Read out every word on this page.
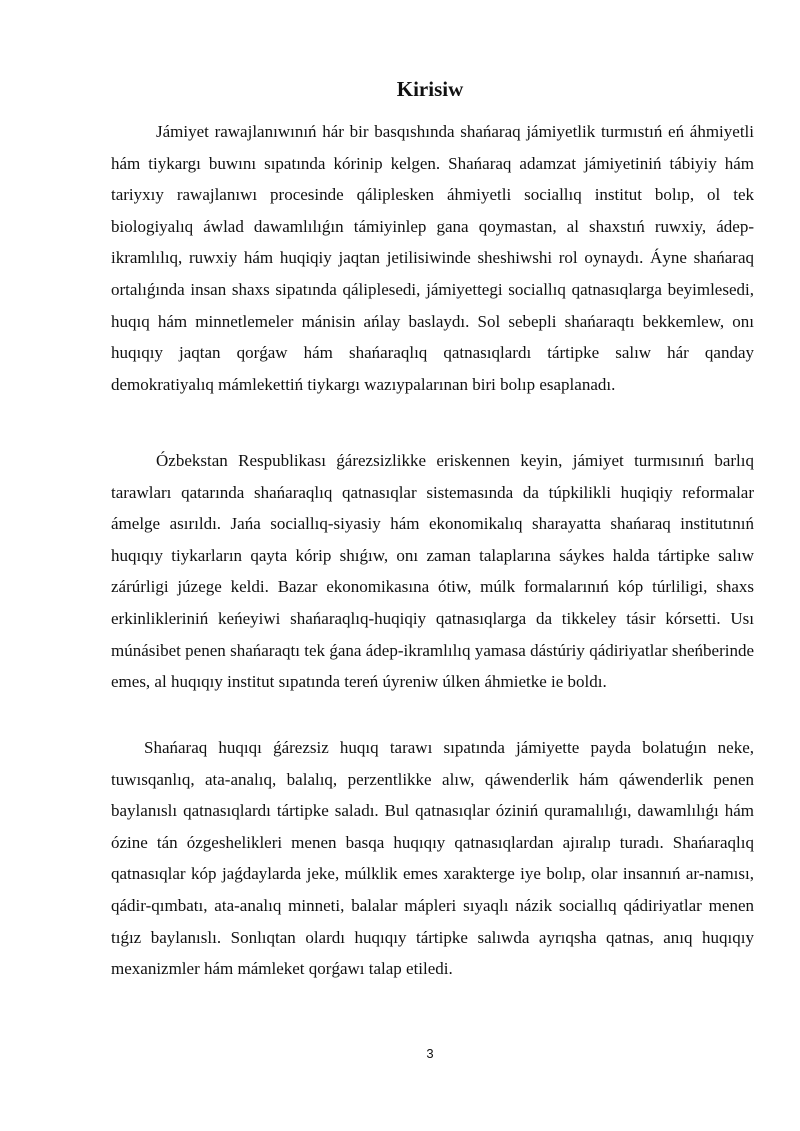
Kirisiw

Jámiyet rawajlanıwınıń hár bir basqıshında shańaraq jámiyetlik turmıstıń eń áhmiyetli hám tiykargı buwını sıpatında kórinip kelgen. Shańaraq adamzat jámiyetiniń tábiyiy hám tariyxıy rawajlanıwı procesinde qáliplesken áhmiyetli sociallıq institut bolıp, ol tek biologiyalıq áwlad dawamlılıǵın támiyinlep gana qoymastan, al shaxstıń ruwxiy, ádep-ikramlılıq, ruwxiy hám huqiqiy jaqtan jetilisiwinde sheshiwshi rol oynaydı. Áyne shańaraq ortalıǵında insan shaxs sipatında qáliplesedi, jámiyettegi sociallıq qatnasıqlarga beyimlesedi, huqıq hám minnetlemeler mánisin ańlay baslaydı. Sol sebepli shańaraqtı bekkemlew, onı huqıqıy jaqtan qorǵaw hám shańaraqlıq qatnasıqlardı tártipke salıw hár qanday demokratiyalıq mámlekettiń tiykargı wazıypalarınan biri bolıp esaplanadı.

Ózbekstan Respublikası ǵárezsizlikke eriskennen keyin, jámiyet turmısınıń barlıq tarawları qatarında shańaraqlıq qatnasıqlar sistemasında da túpkilikli huqiqiy reformalar ámelge asırıldı. Jańa sociallıq-siyasiy hám ekonomikalıq sharayatta shańaraq institutınıń huqıqıy tiykarların qayta kórip shıǵıw, onı zaman talaplarına sáykes halda tártipke salıw zárúrligi júzege keldi. Bazar ekonomikasına ótiw, múlk formalarınıń kóp túrliligi, shaxs erkinlikleriniń keńeyiwi shańaraqlıq-huqiqiy qatnasıqlarga da tikkeley tásir kórsetti. Usı múnásibet penen shańaraqtı tek ǵana ádep-ikramlılıq yamasa dástúriy qádiriyatlar sheńberinde emes, al huqıqıy institut sıpatında tereń úyreniw úlken áhmietke ie boldı.

Shańaraq huqıqı ǵárezsiz huqıq tarawı sıpatında jámiyette payda bolatuǵın neke, tuwısqanlıq, ata-analıq, balalıq, perzentlikke alıw, qáwenderlik hám qáwenderlik penen baylanıslı qatnasıqlardı tártipke saladı. Bul qatnasıqlar óziniń quramalılıǵı, dawamlılıǵı hám ózine tán ózgeshelikleri menen basqa huqıqıy qatnasıqlardan ajıralıp turadı. Shańaraqlıq qatnasıqlar kóp jaǵdaylarda jeke, múlklik emes xarakterge iye bolıp, olar insannıń ar-namısı, qádir-qımbatı, ata-analıq minneti, balalar mápleri sıyaqlı názik sociallıq qádiriyatlar menen tıǵız baylanıslı. Sonlıqtan olardı huqıqıy tártipke salıwda ayrıqsha qatnas, anıq huqıqıy mexanizmler hám mámleket qorǵawı talap etiledi.

3
